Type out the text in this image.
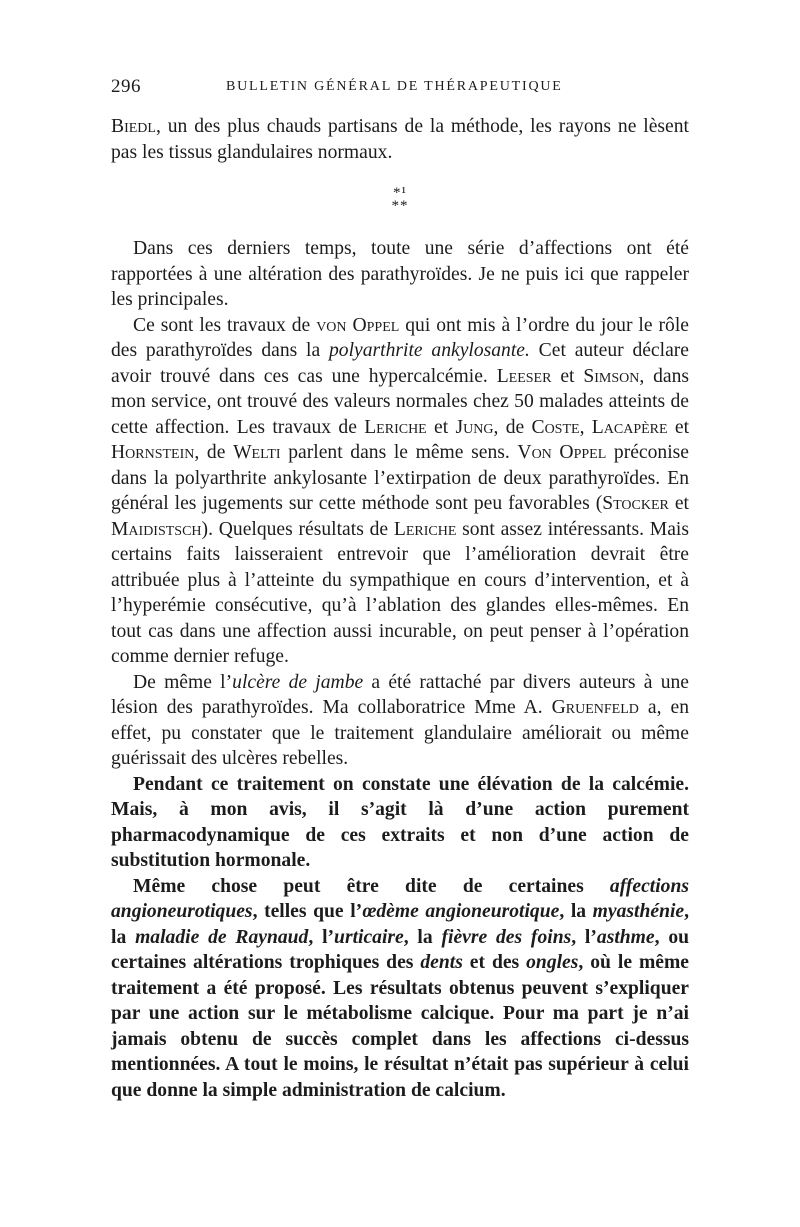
296	BULLETIN GÉNÉRAL DE THÉRAPEUTIQUE

Biedl, un des plus chauds partisans de la méthode, les rayons ne lèsent pas les tissus glandulaires normaux.

*¹
**

Dans ces derniers temps, toute une série d’affections ont été rapportées à une altération des parathyroïdes. Je ne puis ici que rappeler les principales.

Ce sont les travaux de von Oppel qui ont mis à l’ordre du jour le rôle des parathyroïdes dans la polyarthrite ankylosante. Cet auteur déclare avoir trouvé dans ces cas une hypercalcémie. Leeser et Simson, dans mon service, ont trouvé des valeurs normales chez 50 malades atteints de cette affection. Les travaux de Leriche et Jung, de Coste, Lacapère et Hornstein, de Welti parlent dans le même sens. Von Oppel préconise dans la polyarthrite ankylosante l’extirpation de deux parathyroïdes. En général les jugements sur cette méthode sont peu favorables (Stocker et Maidistsch). Quelques résultats de Leriche sont assez intéressants. Mais certains faits laisseraient entrevoir que l’amélioration devrait être attribuée plus à l’atteinte du sympathique en cours d’intervention, et à l’hyperémie consécutive, qu’à l’ablation des glandes elles-mêmes. En tout cas dans une affection aussi incurable, on peut penser à l’opération comme dernier refuge.

De même l’ulcère de jambe a été rattaché par divers auteurs à une lésion des parathyroïdes. Ma collaboratrice Mme A. Gruenfeld a, en effet, pu constater que le traitement glandulaire améliorait ou même guérissait des ulcères rebelles.

Pendant ce traitement on constate une élévation de la calcémie. Mais, à mon avis, il s’agit là d’une action purement pharmacodynamique de ces extraits et non d’une action de substitution hormonale.

Même chose peut être dite de certaines affections angioneurotiques, telles que l’œdème angioneurotique, la myasthénie, la maladie de Raynaud, l’urticaire, la fièvre des foins, l’asthme, ou certaines altérations trophiques des dents et des ongles, où le même traitement a été proposé. Les résultats obtenus peuvent s’expliquer par une action sur le métabolisme calcique. Pour ma part je n’ai jamais obtenu de succès complet dans les affections ci-dessus mentionnées. A tout le moins, le résultat n’était pas supérieur à celui que donne la simple administration de calcium.
